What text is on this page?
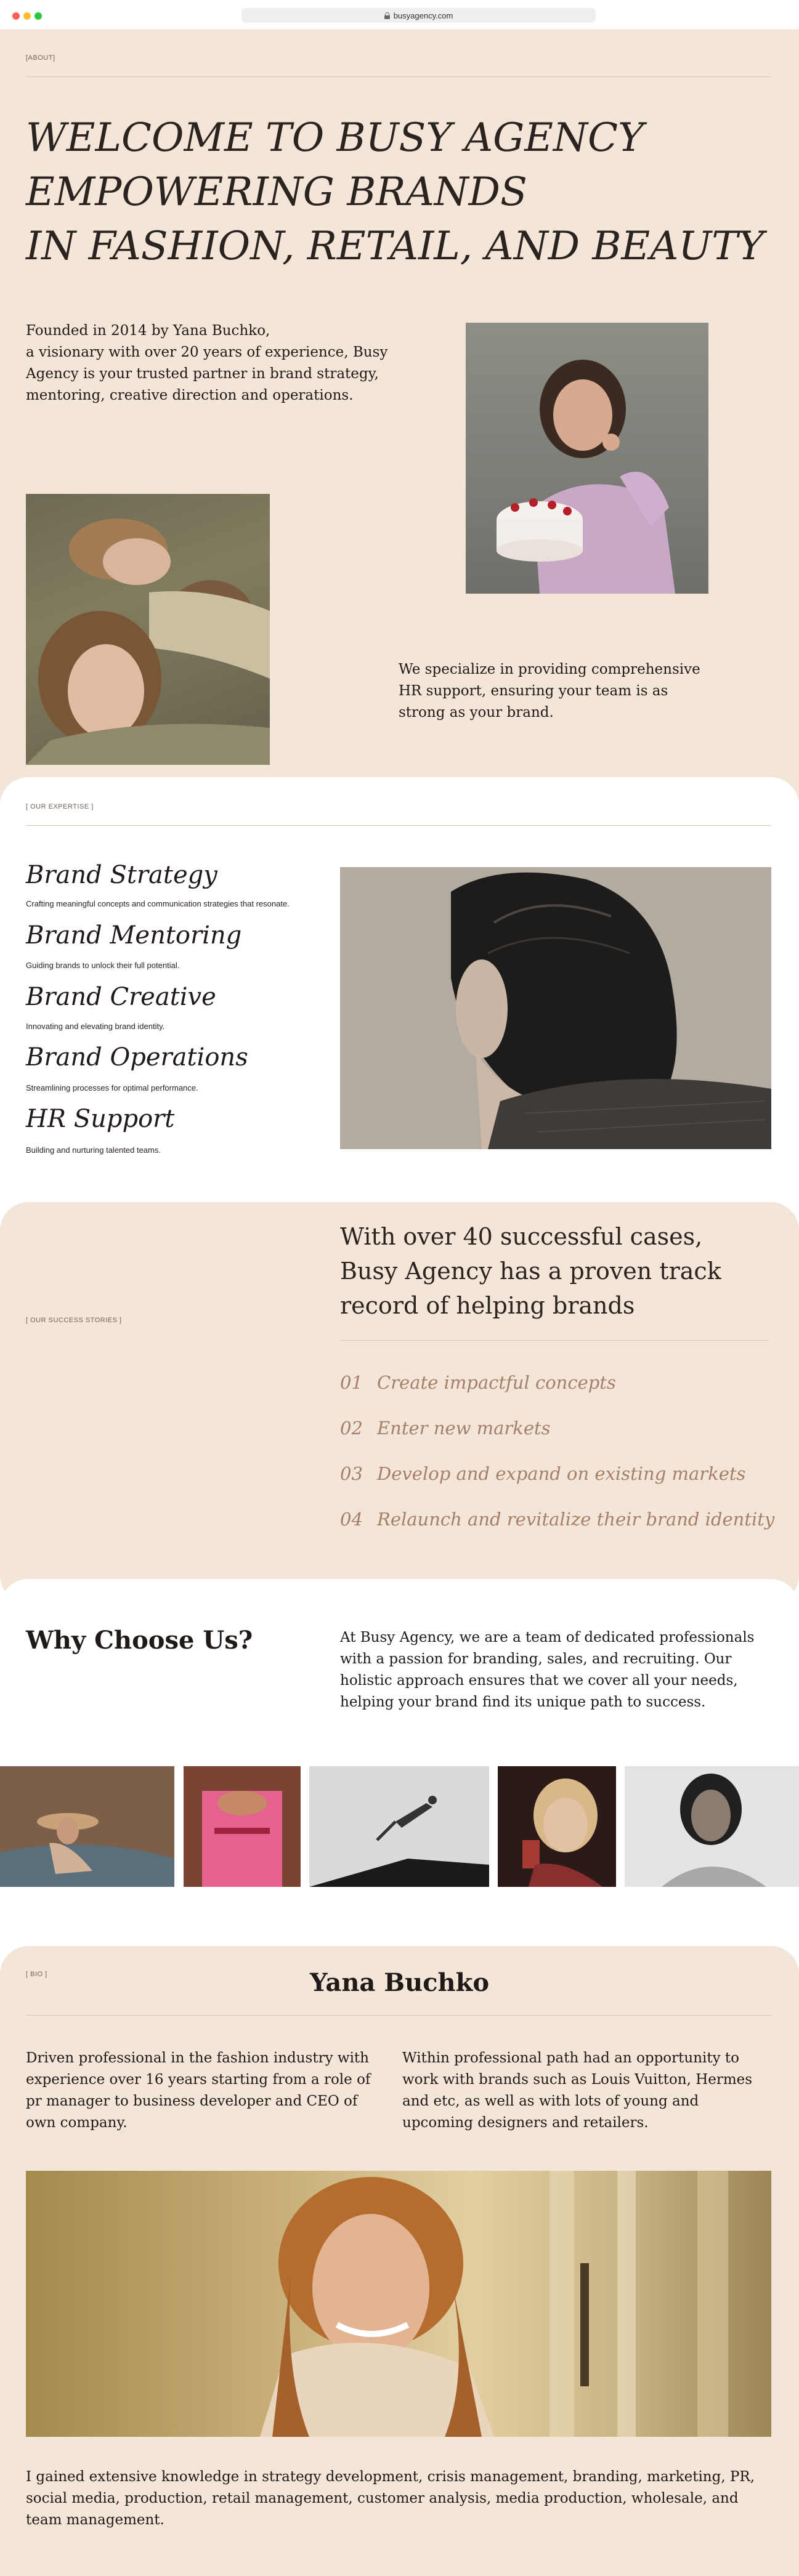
busyagency.com
[ABOUT]
WELCOME TO BUSY AGENCY
EMPOWERING BRANDS
IN FASHION, RETAIL, AND BEAUTY
Founded in 2014 by Yana Buchko,
a visionary with over 20 years of experience, Busy Agency is your trusted partner in brand strategy, mentoring, creative direction and operations.
We specialize in providing comprehensive HR support, ensuring your team is as strong as your brand.
[ OUR EXPERTISE ]
Brand Strategy
Crafting meaningful concepts and communication strategies that resonate.
Brand Mentoring
Guiding brands to unlock their full potential.
Brand Creative
Innovating and elevating brand identity.
Brand Operations
Streamlining processes for optimal performance.
HR Support
Building and nurturing talented teams.
With over 40 successful cases, Busy Agency has a proven track record of helping brands
[ OUR SUCCESS STORIES ]
01 Create impactful concepts
02 Enter new markets
03 Develop and expand on existing markets
04 Relaunch and revitalize their brand identity
Why Choose Us?	At Busy Agency, we are a team of dedicated professionals with a passion for branding, sales, and recruiting. Our holistic approach ensures that we cover all your needs, helping your brand find its unique path to success.
[ BIO ]	Yana Buchko
Driven professional in the fashion industry with experience over 16 years starting from a role of pr manager to business developer and CEO of own company.
Within professional path had an opportunity to work with brands such as Louis Vuitton, Hermes and etc, as well as with lots of young and upcoming designers and retailers.
I gained extensive knowledge in strategy development, crisis management, branding, marketing, PR, social media, production, retail management, customer analysis, media production, wholesale, and team management.
